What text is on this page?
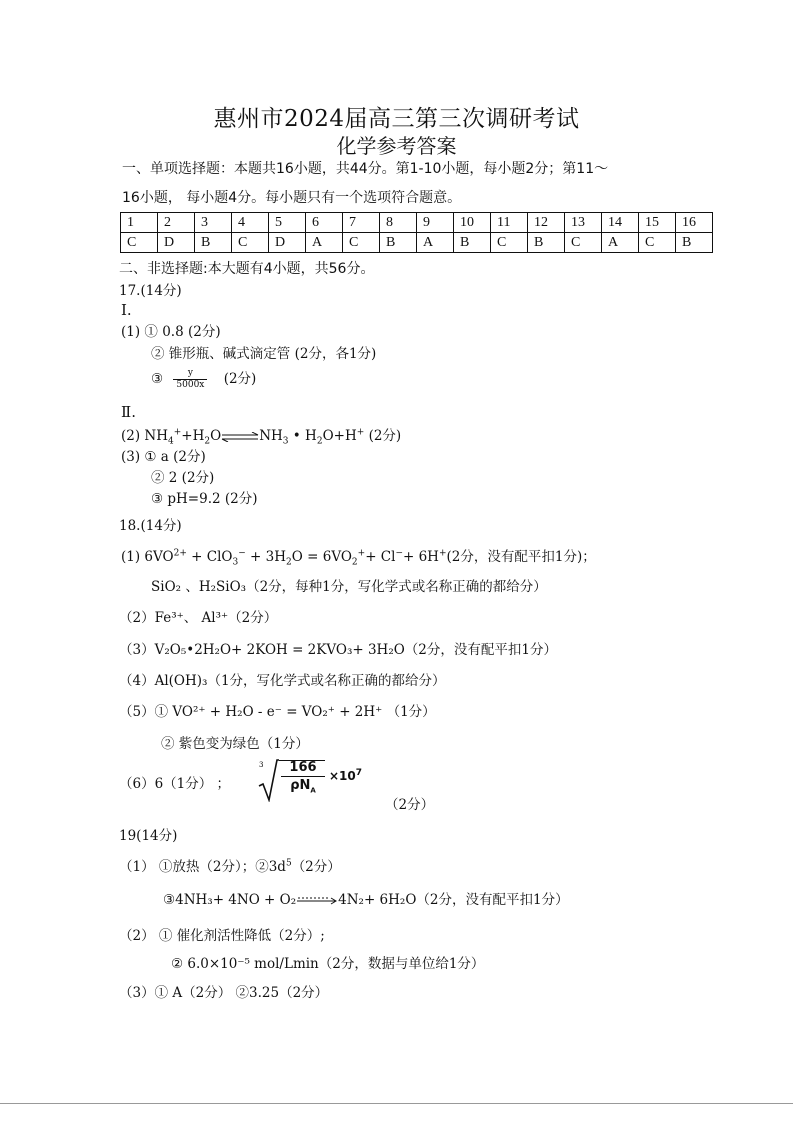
惠州市2024届高三第三次调研考试
化学参考答案
一、单项选择题：本题共16小题，共44分。第1-10小题，每小题2分；第11～
16小题， 每小题4分。每小题只有一个选项符合题意。
1	2	3	4	5	6	7	8	9	10	11	12	13	14	15	16
C	D	B	C	D	A	C	B	A	B	C	B	C	A	C	B
二、非选择题:本大题有4小题，共56分。
17.(14分)
Ⅰ.
(1) ① 0.8 (2分)
② 锥形瓶、碱式滴定管 (2分，各1分)
③ $\frac{y}{5000x} (2$分)
Ⅱ.
(2) $NH_4^++H_2O\rightleftharpoons NH_3$ • $H_2O+H^+$ (2分)
(3) ① a (2分)
② 2 (2分)
③ pH=9.2 (2分)
18.(14分)
(1) $6VO^{2+} + ClO_3^- + 3H_2O = 6VO_2^++ Cl^-+ 6H^+(2$分，没有配平扣1分)；
SiO₂ 、H₂SiO₃（2分，每种1分，写化学式或名称正确的都给分）
（2）Fe³⁺、 Al³⁺（2分）
（3）V₂O₅•2H₂O+ 2KOH = 2KVO₃+ 3H₂O（2分，没有配平扣1分）
（4）Al(OH)₃（1分，写化学式或名称正确的都给分）
（5）① VO²⁺ + H₂O - e⁻ = VO₂⁺ + 2H⁺ （1分）
② 紫色变为绿色（1分）
（6）6（1分） ；
3	166
$\rho N_A$
$\times 10^7$
（2分）
19(14分)
（1） ①放热（2分）；$②3d^5(2$分）
③4NH₃+ 4NO + O₂	4N₂+ 6H₂O（2分，没有配平扣1分）
（2） ① 催化剂活性降低（2分）;
② 6.0×10⁻⁵ mol/Lmin（2分，数据与单位给1分）
（3）① A（2分） ②3.25（2分）
